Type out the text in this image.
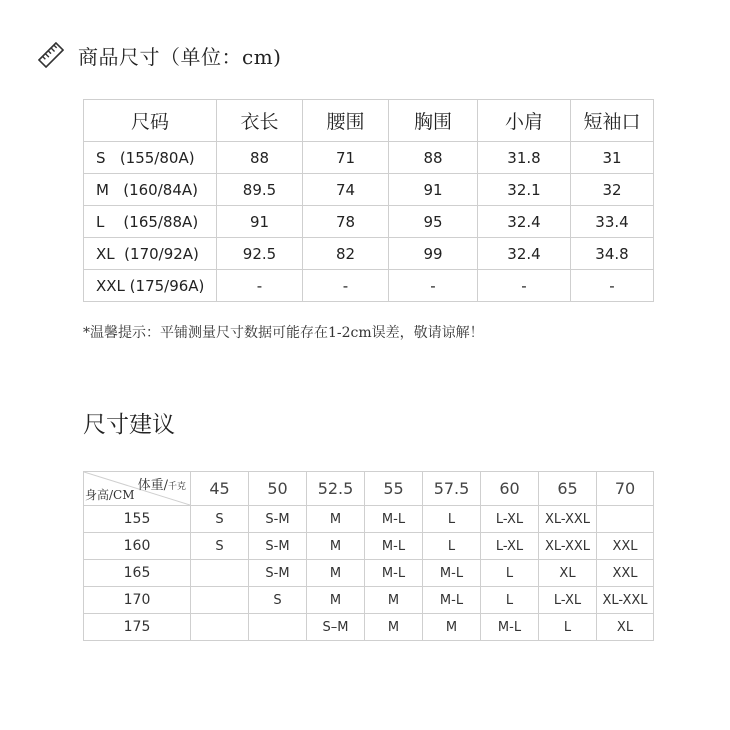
商品尺寸（单位：cm)
尺码	衣长	腰围	胸围	小肩	短袖口
S   (155/80A)	88	71	88	31.8	31
M   (160/84A)	89.5	74	91	32.1	32
L    (165/88A)	91	78	95	32.4	33.4
XL  (170/92A)	92.5	82	99	32.4	34.8
XXL (175/96A)	-	-	-	-	-
*温馨提示：平铺测量尺寸数据可能存在1-2cm误差，敬请谅解！
尺寸建议
体重/千克
身高/CM	45	50	52.5	55	57.5	60	65	70
155	S	S-M	M	M-L	L	L-XL	XL-XXL	
160	S	S-M	M	M-L	L	L-XL	XL-XXL	XXL
165		S-M	M	M-L	M-L	L	XL	XXL
170		S	M	M	M-L	L	L-XL	XL-XXL
175			S–M	M	M	M-L	L	XL
